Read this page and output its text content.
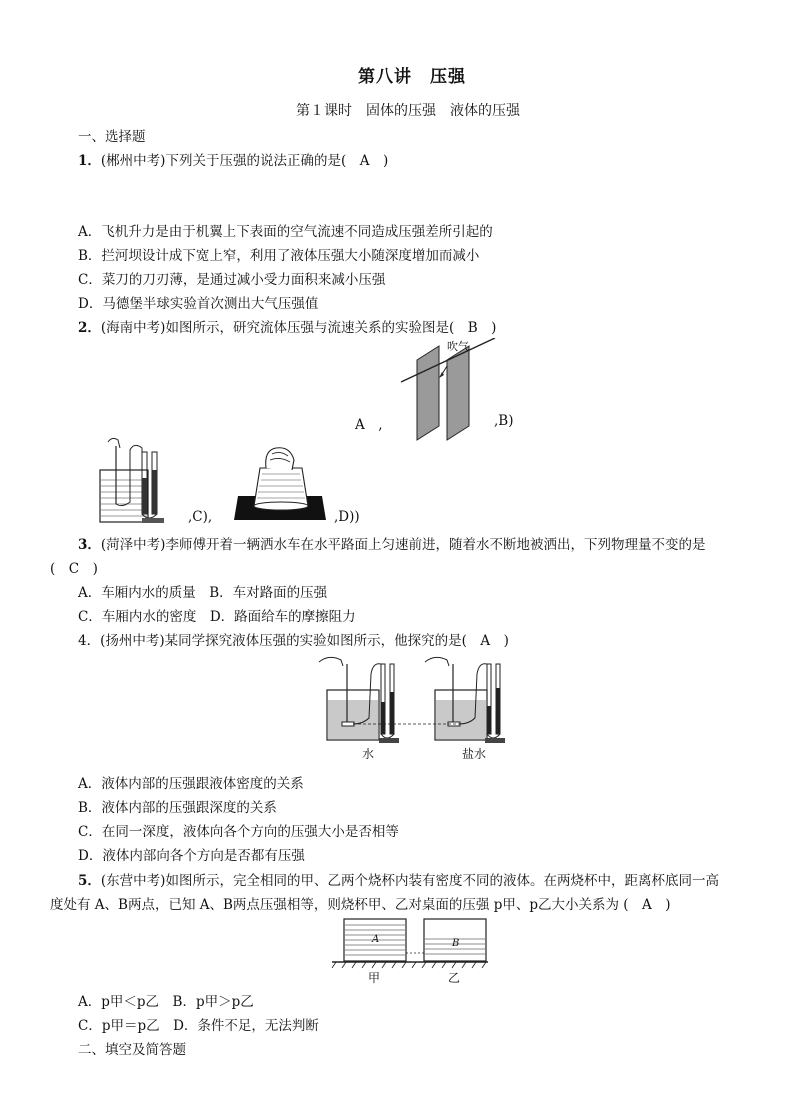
第八讲　压强
第１课时　固体的压强　液体的压强
一、选择题
1．(郴州中考)下列关于压强的说法正确的是(　A　)
A．飞机升力是由于机翼上下表面的空气流速不同造成压强差所引起的
B．拦河坝设计成下宽上窄，利用了液体压强大小随深度增加而减小
C．菜刀的刀刃薄，是通过减小受力面积来减小压强
D．马德堡半球实验首次测出大气压强值
2．(海南中考)如图所示，研究流体压强与流速关系的实验图是(　B　)
吹气
A　,	,B)
,C),	,D))
3．(菏泽中考)李师傅开着一辆洒水车在水平路面上匀速前进，随着水不断地被洒出，下列物理量不变的是
(　C　)
A．车厢内水的质量　B．车对路面的压强
C．车厢内水的密度　D．路面给车的摩擦阻力
4．(扬州中考)某同学探究液体压强的实验如图所示，他探究的是(　A　)
水	盐水
A．液体内部的压强跟液体密度的关系
B．液体内部的压强跟深度的关系
C．在同一深度，液体向各个方向的压强大小是否相等
D．液体内部向各个方向是否都有压强
5．(东营中考)如图所示，完全相同的甲、乙两个烧杯内装有密度不同的液体。在两烧杯中，距离杯底同一高
度处有 A、B两点，已知 A、B两点压强相等，则烧杯甲、乙对桌面的压强 p甲、p乙大小关系为 (　A　)
A	B
甲	乙
A．p甲＜p乙　B．p甲＞p乙
C．p甲＝p乙　D．条件不足，无法判断
二、填空及简答题
